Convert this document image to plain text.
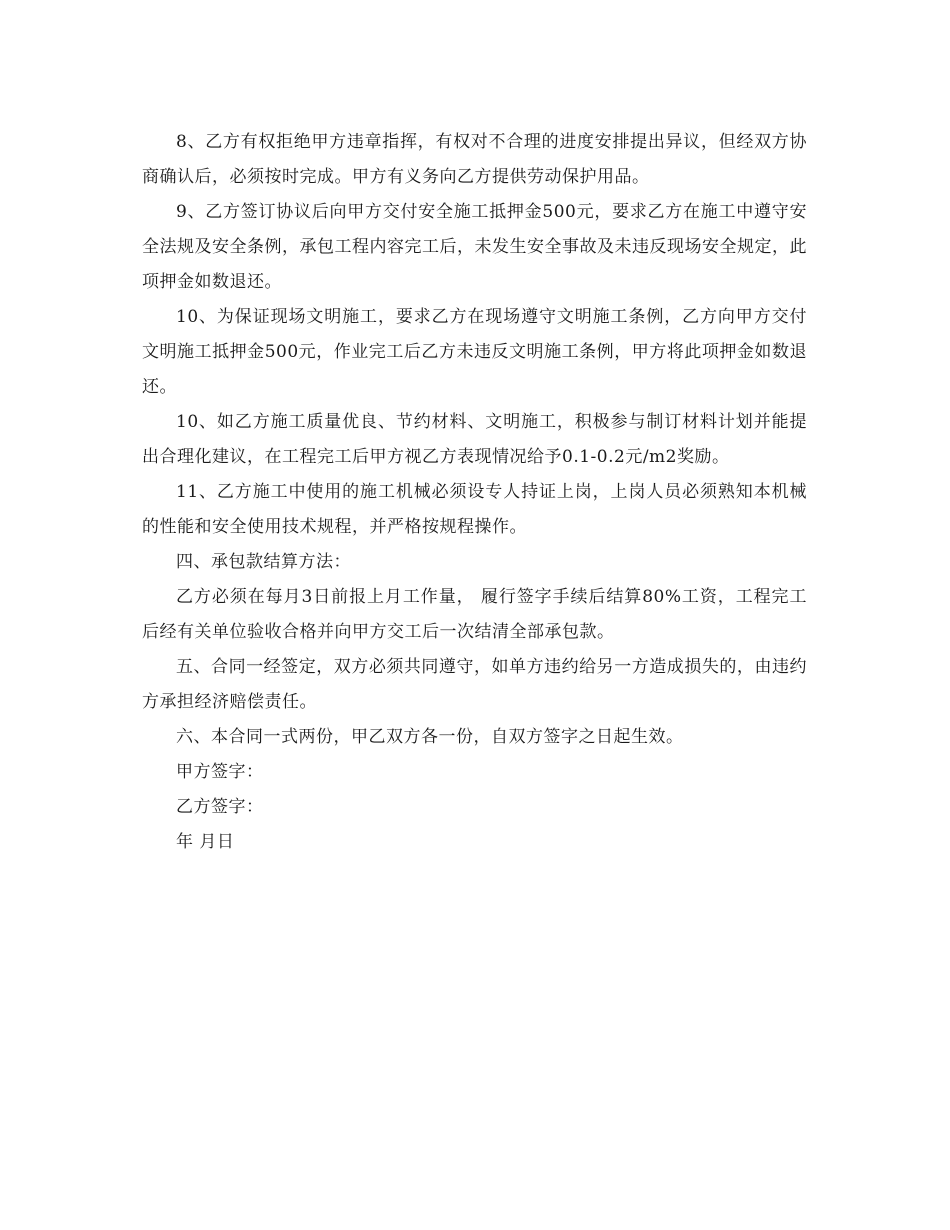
8、乙方有权拒绝甲方违章指挥，有权对不合理的进度安排提出异议，但经双方协商确认后，必须按时完成。甲方有义务向乙方提供劳动保护用品。

9、乙方签订协议后向甲方交付安全施工抵押金500元，要求乙方在施工中遵守安全法规及安全条例，承包工程内容完工后，未发生安全事故及未违反现场安全规定，此项押金如数退还。

10、为保证现场文明施工，要求乙方在现场遵守文明施工条例，乙方向甲方交付文明施工抵押金500元，作业完工后乙方未违反文明施工条例，甲方将此项押金如数退还。

10、如乙方施工质量优良、节约材料、文明施工，积极参与制订材料计划并能提出合理化建议，在工程完工后甲方视乙方表现情况给予0.1-0.2元/m2奖励。

11、乙方施工中使用的施工机械必须设专人持证上岗，上岗人员必须熟知本机械的性能和安全使用技术规程，并严格按规程操作。

四、承包款结算方法：

乙方必须在每月3日前报上月工作量， 履行签字手续后结算80%工资，工程完工后经有关单位验收合格并向甲方交工后一次结清全部承包款。

五、合同一经签定，双方必须共同遵守，如单方违约给另一方造成损失的，由违约方承担经济赔偿责任。

六、本合同一式两份，甲乙双方各一份，自双方签字之日起生效。

甲方签字：

乙方签字：

年 月日
